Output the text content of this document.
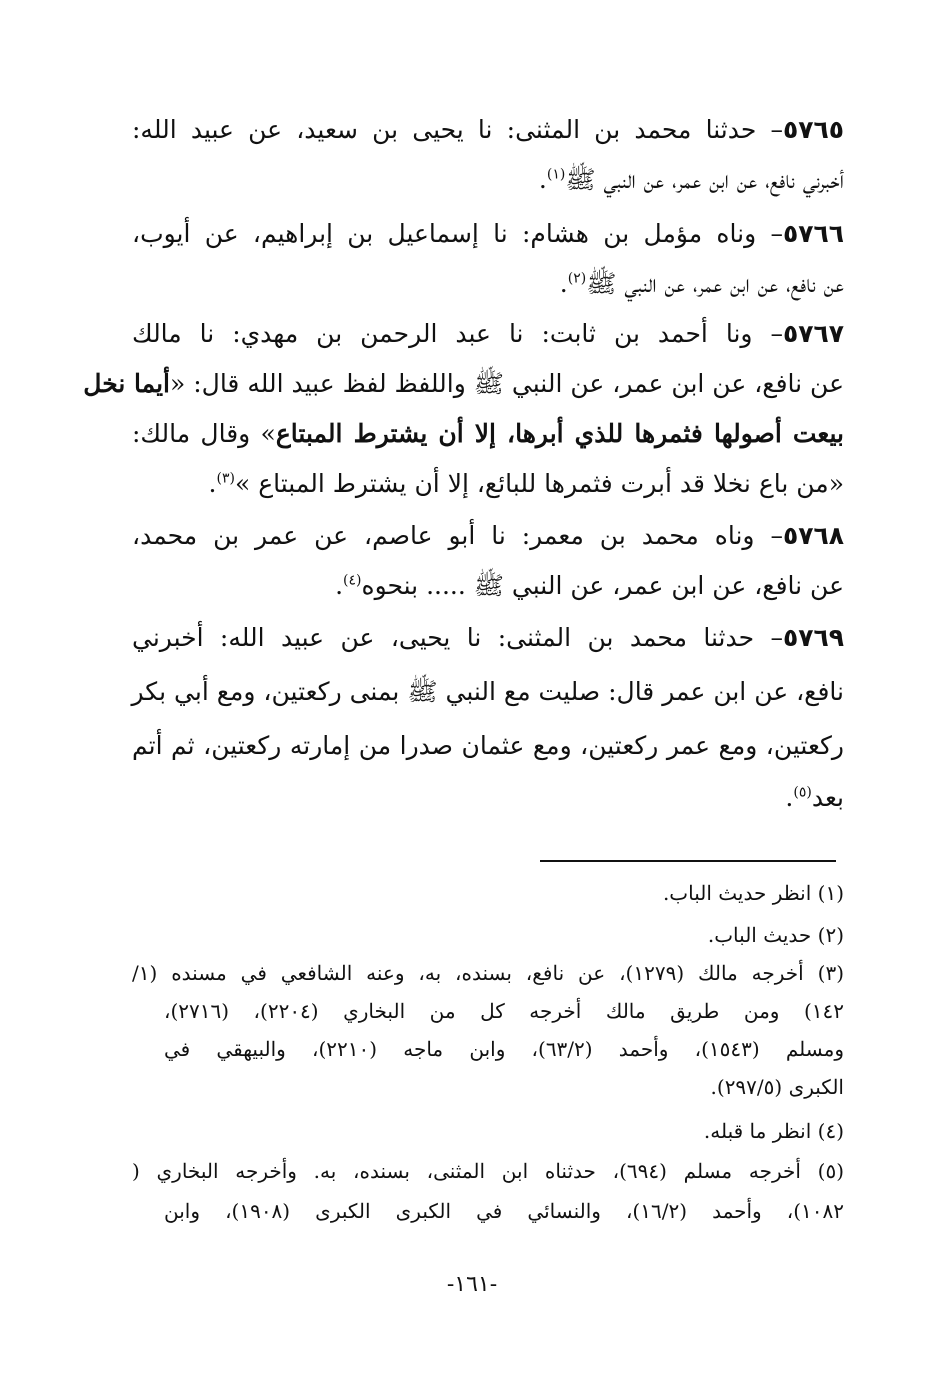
٥٧٦٥– حدثنا محمد بن المثنى: نا يحيى بن سعيد، عن عبيد الله:
أخبرني نافع، عن ابن عمر، عن النبي ﷺ$^{(١)}$.
٥٧٦٦– وناه مؤمل بن هشام: نا إسماعيل بن إبراهيم، عن أيوب،
عن نافع، عن ابن عمر، عن النبي ﷺ$^{(٢)}$.
٥٧٦٧– ونا أحمد بن ثابت: نا عبد الرحمن بن مهدي: نا مالك
عن نافع، عن ابن عمر، عن النبي ﷺ واللفظ لفظ عبيد الله قال: «أيما نخل
بيعت أصولها فثمرها للذي أبرها، إلا أن يشترط المبتاع» وقال مالك:
«من باع نخلا قد أبرت فثمرها للبائع، إلا أن يشترط المبتاع »$^{(٣)}$.
٥٧٦٨– وناه محمد بن معمر: نا أبو عاصم، عن عمر بن محمد،
عن نافع، عن ابن عمر، عن النبي ﷺ ..... بنحوه$^{(٤)}$.
٥٧٦٩– حدثنا محمد بن المثنى: نا يحيى، عن عبيد الله: أخبرني
نافع، عن ابن عمر قال: صليت مع النبي ﷺ بمنى ركعتين، ومع أبي بكر
ركعتين، ومع عمر ركعتين، ومع عثمان صدرا من إمارته ركعتين، ثم أتم
بعد$^{(٥)}$.
(١) انظر حديث الباب.
(٢) حديث الباب.
(٣) أخرجه مالك (١٢٧٩)، عن نافع، بسنده، به، وعنه الشافعي في مسنده (١/
١٤٢) ومن طريق مالك أخرجه كل من البخاري (٢٢٠٤)، (٢٧١٦)،
ومسلم (١٥٤٣)، وأحمد (٦٣/٢)، وابن ماجه (٢٢١٠)، والبيهقي في
الكبرى (٢٩٧/٥).
(٤) انظر ما قبله.
(٥) أخرجه مسلم (٦٩٤)، حدثناه ابن المثنى، بسنده، به. وأخرجه البخاري (
١٠٨٢)، وأحمد (١٦/٢)، والنسائي في الكبرى الكبرى (١٩٠٨)، وابن
-١٦١-
